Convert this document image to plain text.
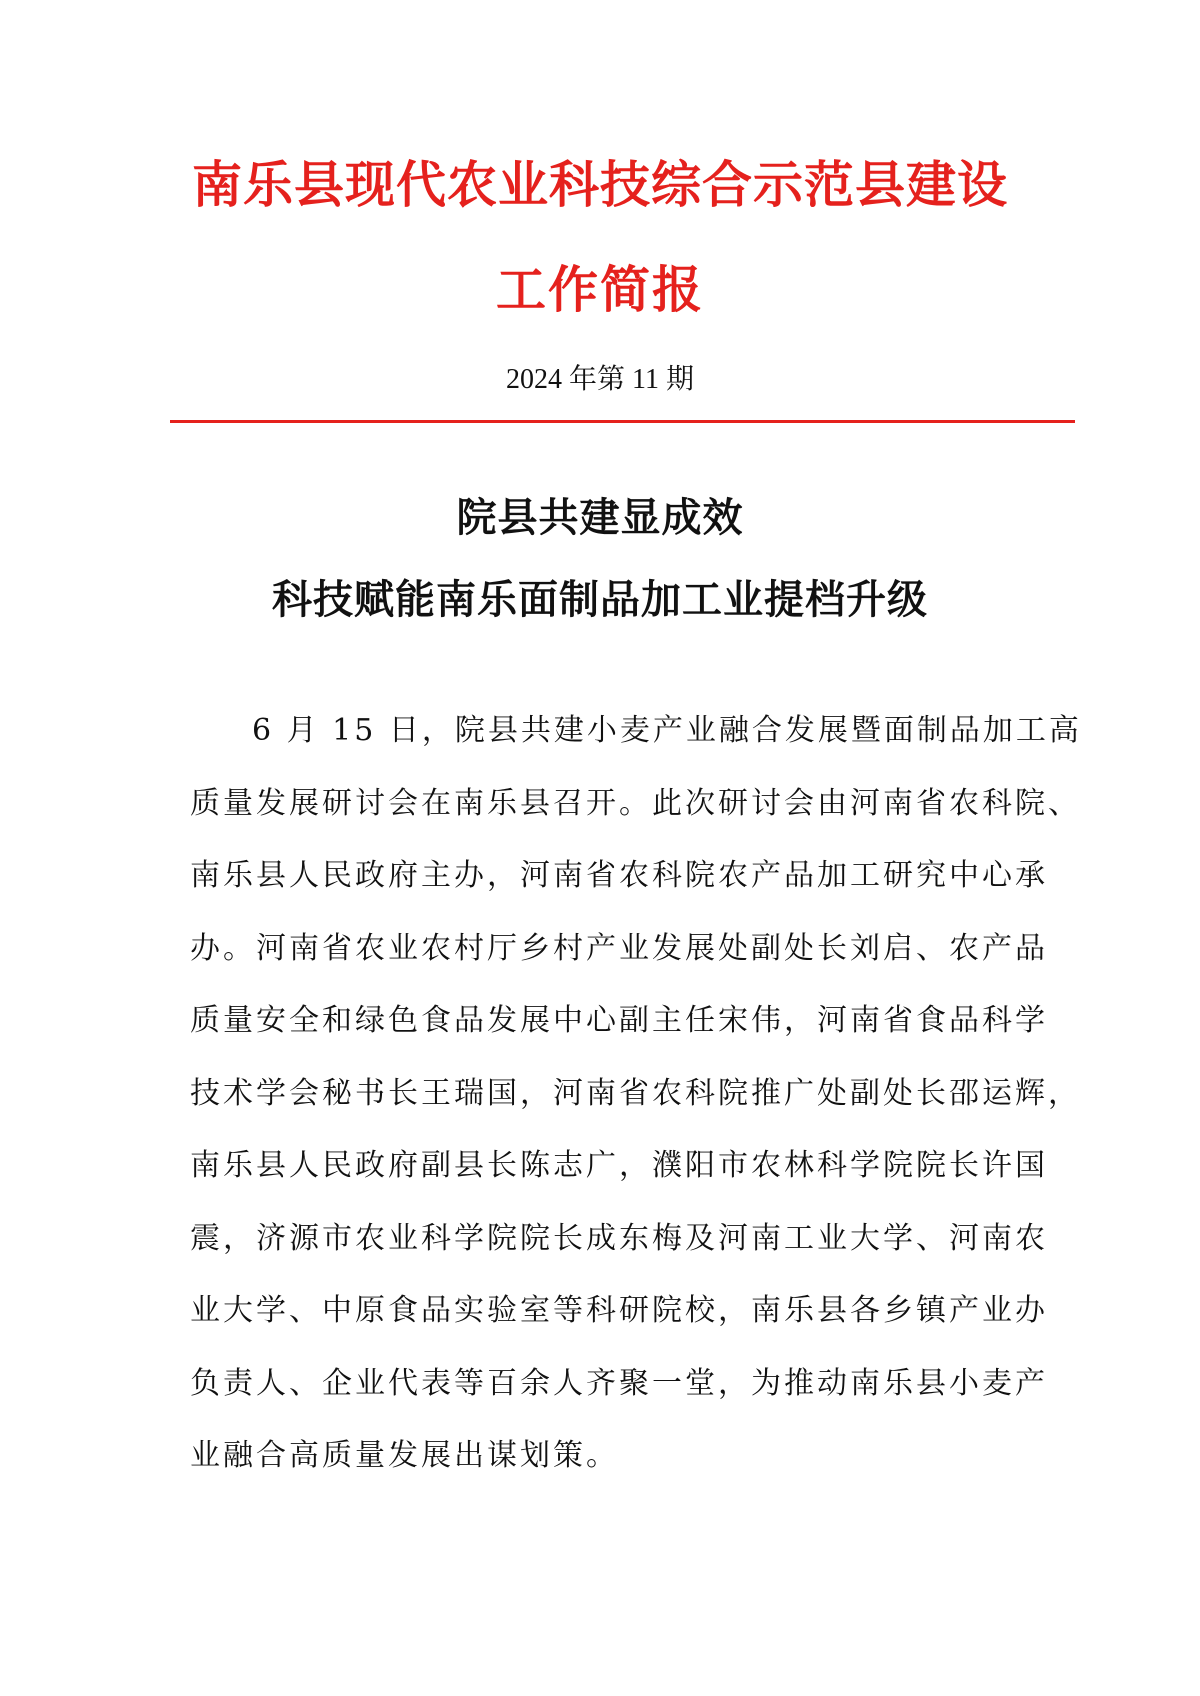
南乐县现代农业科技综合示范县建设
工作简报
2024 年第 11 期
院县共建显成效
科技赋能南乐面制品加工业提档升级
6 月 15 日，院县共建小麦产业融合发展暨面制品加工高
质量发展研讨会在南乐县召开。此次研讨会由河南省农科院、
南乐县人民政府主办，河南省农科院农产品加工研究中心承
办。河南省农业农村厅乡村产业发展处副处长刘启、农产品
质量安全和绿色食品发展中心副主任宋伟，河南省食品科学
技术学会秘书长王瑞国，河南省农科院推广处副处长邵运辉，
南乐县人民政府副县长陈志广，濮阳市农林科学院院长许国
震，济源市农业科学院院长成东梅及河南工业大学、河南农
业大学、中原食品实验室等科研院校，南乐县各乡镇产业办
负责人、企业代表等百余人齐聚一堂，为推动南乐县小麦产
业融合高质量发展出谋划策。
